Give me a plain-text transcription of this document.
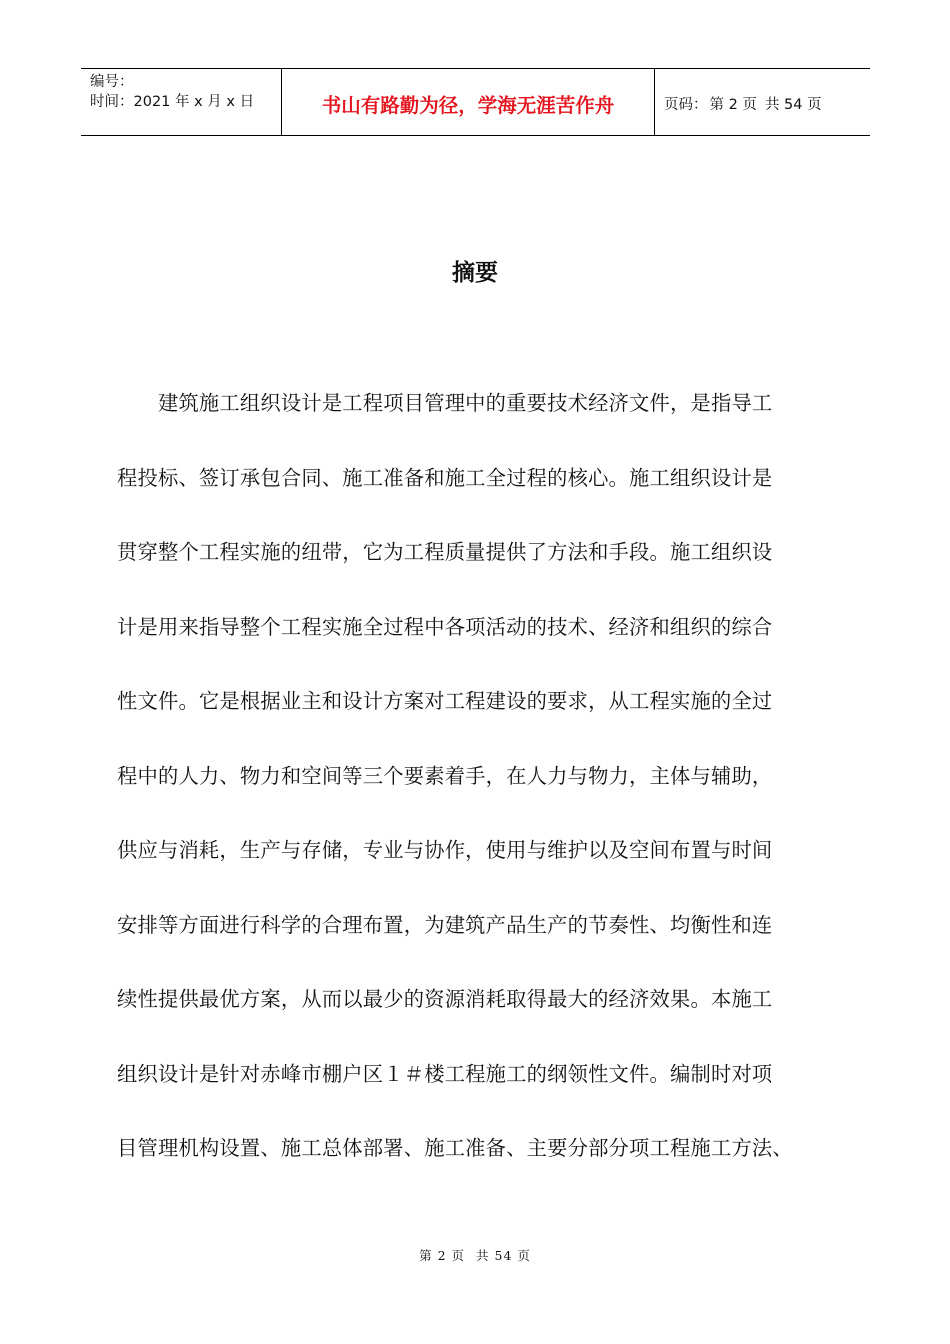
编号：
时间：2021 年 x 月 x 日	书山有路勤为径，学海无涯苦作舟	页码： 第 2 页 共 54 页
摘要
　　建筑施工组织设计是工程项目管理中的重要技术经济文件，是指导工
程投标、签订承包合同、施工准备和施工全过程的核心。施工组织设计是
贯穿整个工程实施的纽带，它为工程质量提供了方法和手段。施工组织设
计是用来指导整个工程实施全过程中各项活动的技术、经济和组织的综合
性文件。它是根据业主和设计方案对工程建设的要求，从工程实施的全过
程中的人力、物力和空间等三个要素着手，在人力与物力，主体与辅助，
供应与消耗，生产与存储，专业与协作，使用与维护以及空间布置与时间
安排等方面进行科学的合理布置，为建筑产品生产的节奏性、均衡性和连
续性提供最优方案，从而以最少的资源消耗取得最大的经济效果。本施工
组织设计是针对赤峰市棚户区１＃楼工程施工的纲领性文件。编制时对项
目管理机构设置、施工总体部署、施工准备、主要分部分项工程施工方法、
第 2 页 共 54 页
